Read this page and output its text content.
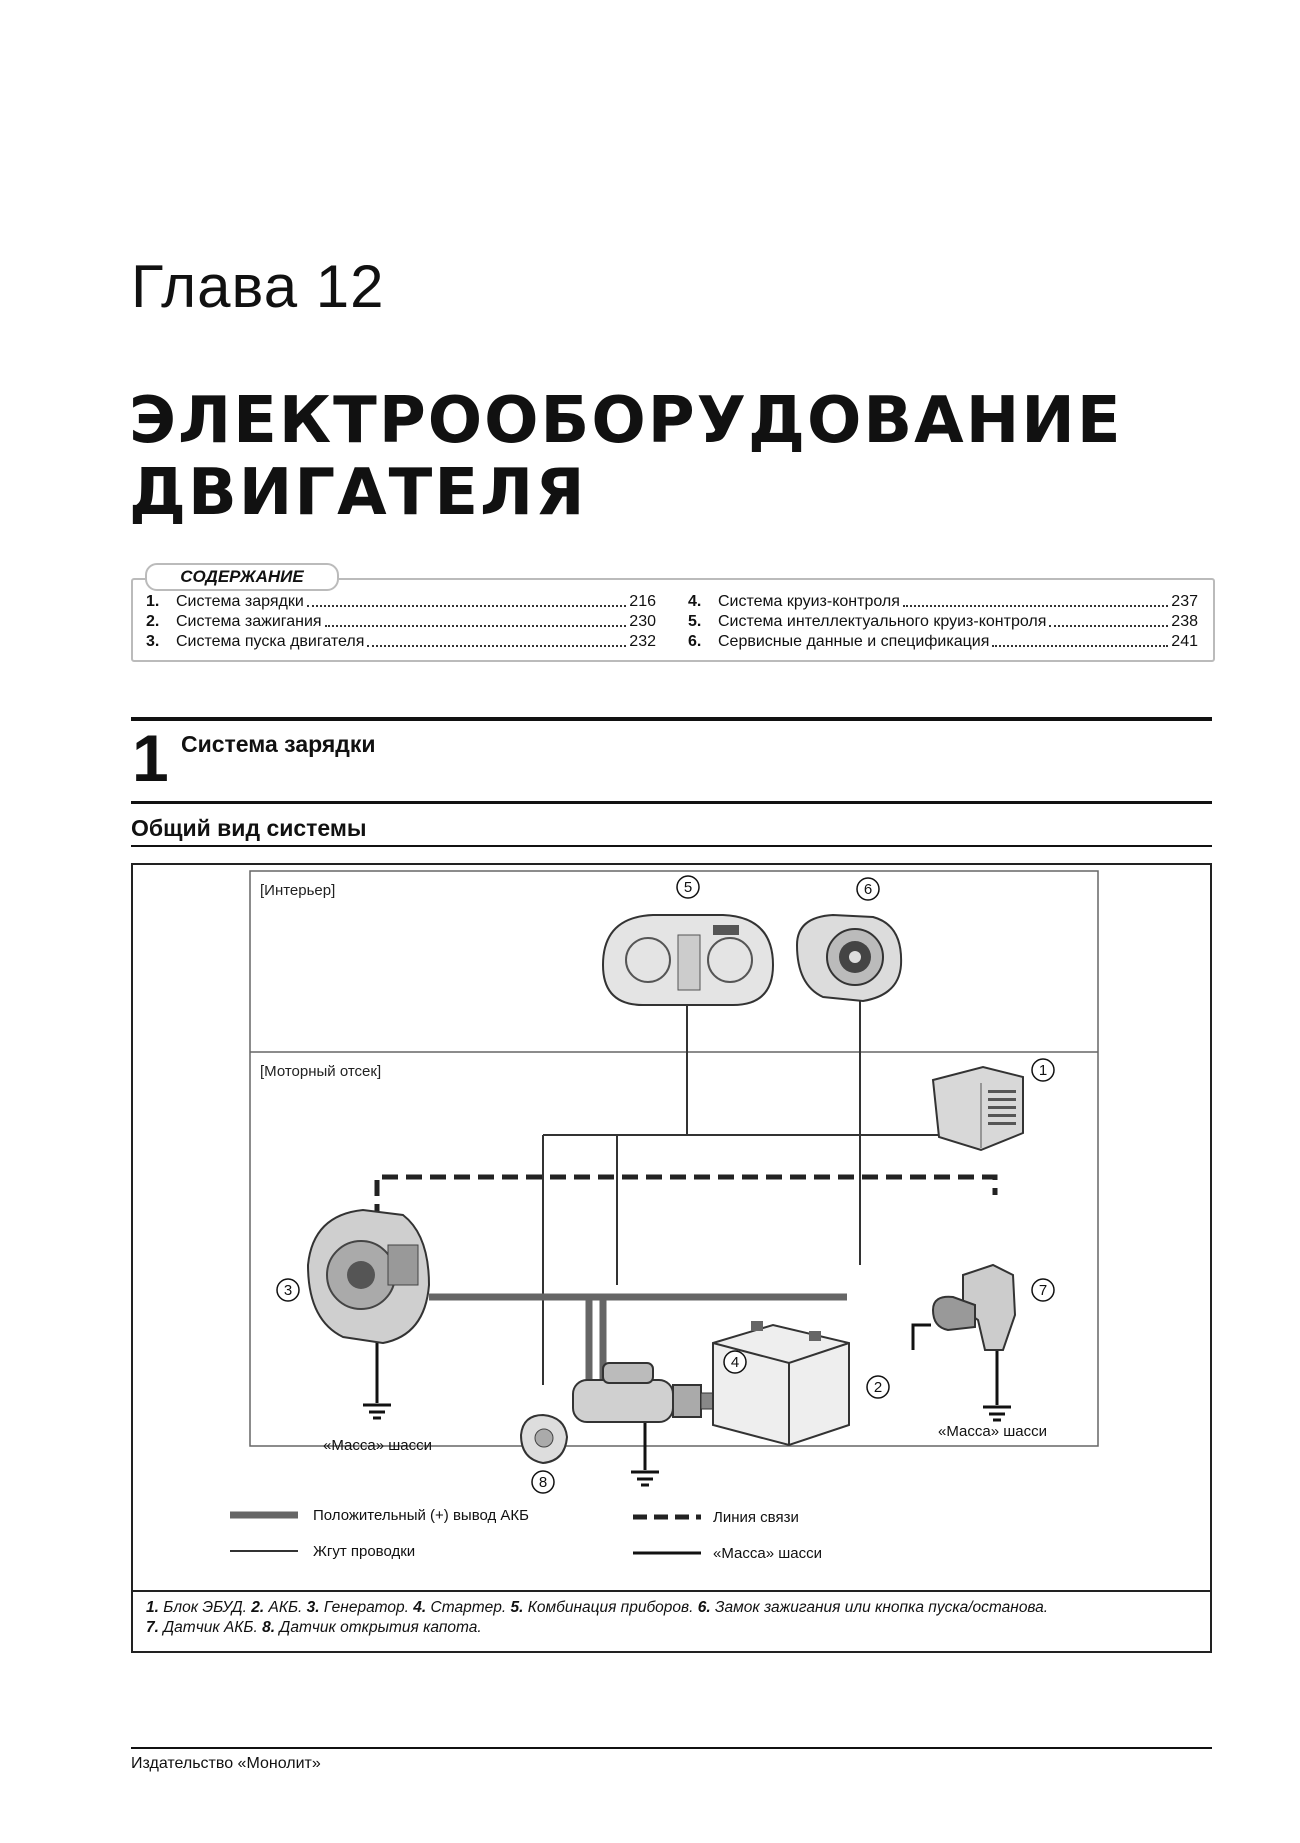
Глава 12
ЭЛЕКТРООБОРУДОВАНИЕ
ДВИГАТЕЛЯ
СОДЕРЖАНИЕ
1.	Система зарядки	216
2.	Система зажигания	230
3.	Система пуска двигателя	232
4.	Система круиз-контроля	237
5.	Система интеллектуального круиз-контроля	238
6.	Сервисные данные и спецификация	241
1 Система зарядки
Общий вид системы
[Интерьер]
[Моторный отсек]
«Масса» шасси
«Масса» шасси
1
2
3
4
5	6
7
8
Положительный (+) вывод АКБ
Жгут проводки
Линия связи
«Масса» шасси
1. Блок ЭБУД. 2. АКБ. 3. Генератор. 4. Стартер. 5. Комбинация приборов. 6. Замок зажигания или кнопка пуска/останова.
7. Датчик АКБ. 8. Датчик открытия капота.
Издательство «Монолит»
